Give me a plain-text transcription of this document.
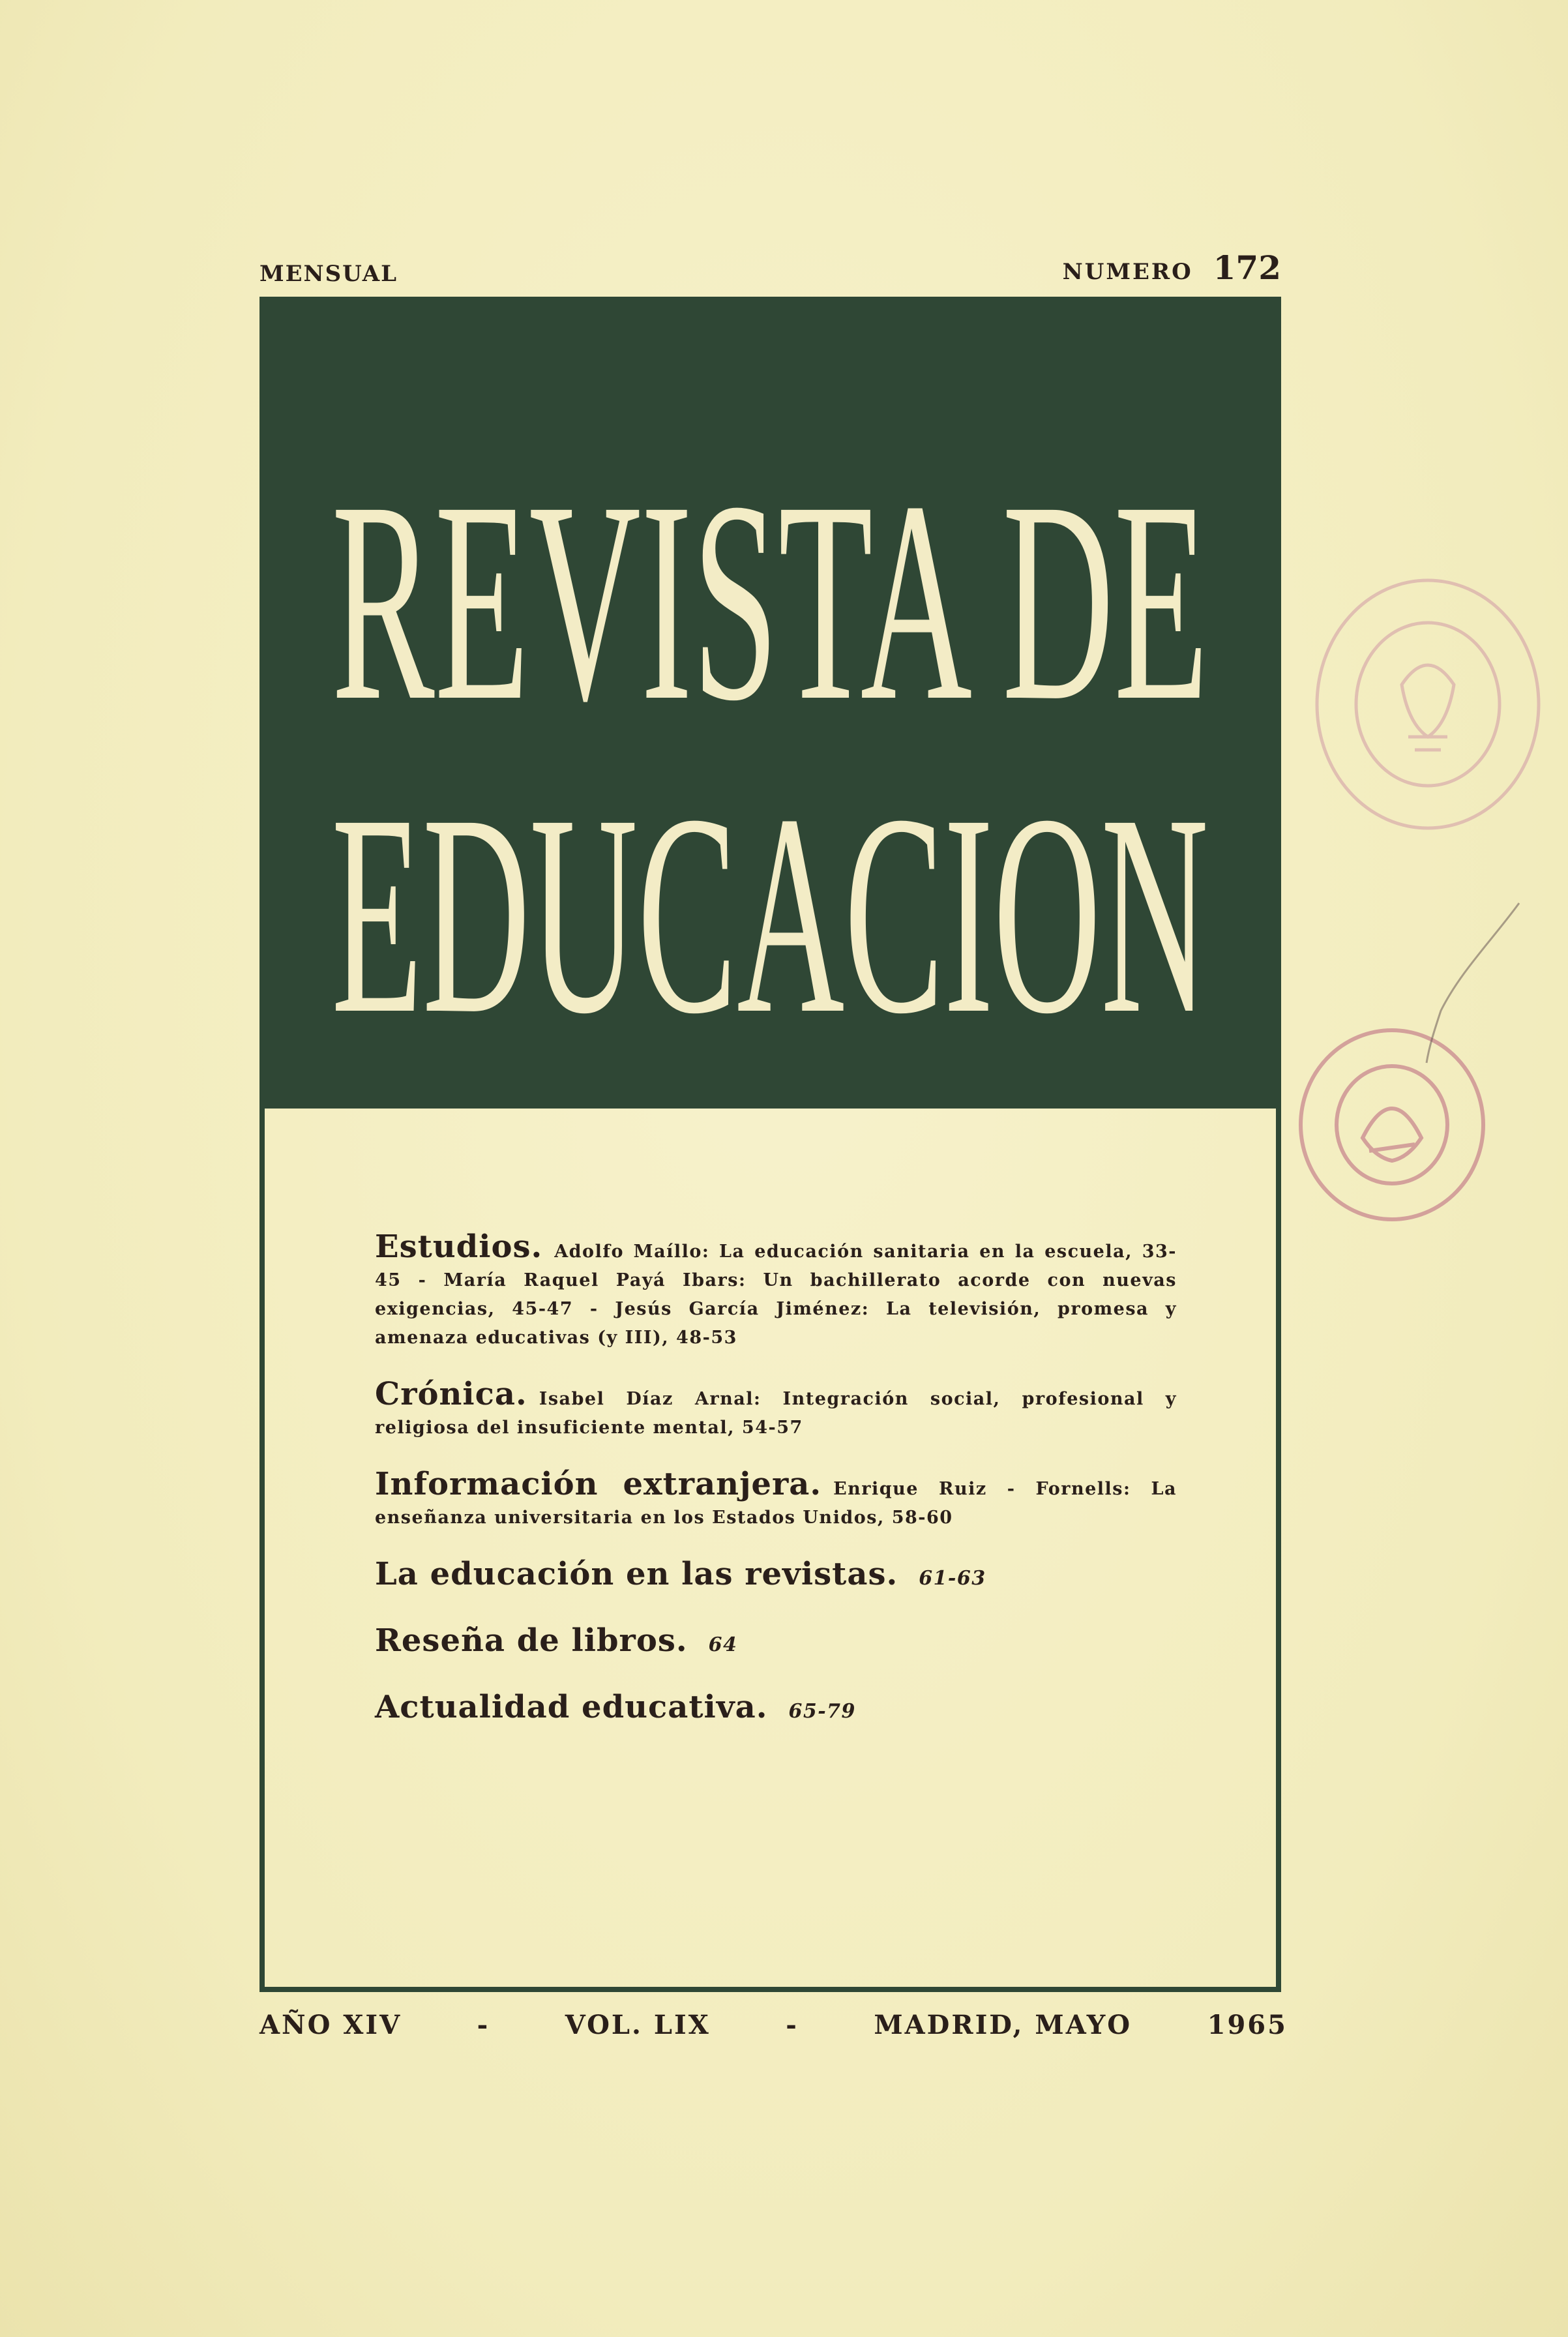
MENSUAL	NUMERO 172
REVISTA DE
EDUCACION

Estudios. Adolfo Maíllo: La educación sanitaria en la escuela, 33-45 - María Raquel Payá Ibars: Un bachillerato acorde con nuevas exigencias, 45-47 - Jesús García Jiménez: La televisión, promesa y amenaza educativas (y III), 48-53

Crónica. Isabel Díaz Arnal: Integración social, profesional y religiosa del insuficiente mental, 54-57

Información extranjera. Enrique Ruiz - Fornells: La enseñanza universitaria en los Estados Unidos, 58-60

La educación en las revistas. 61-63

Reseña de libros. 64

Actualidad educativa. 65-79

AÑO XIV	-	VOL. LIX	-	MADRID, MAYO	1965
